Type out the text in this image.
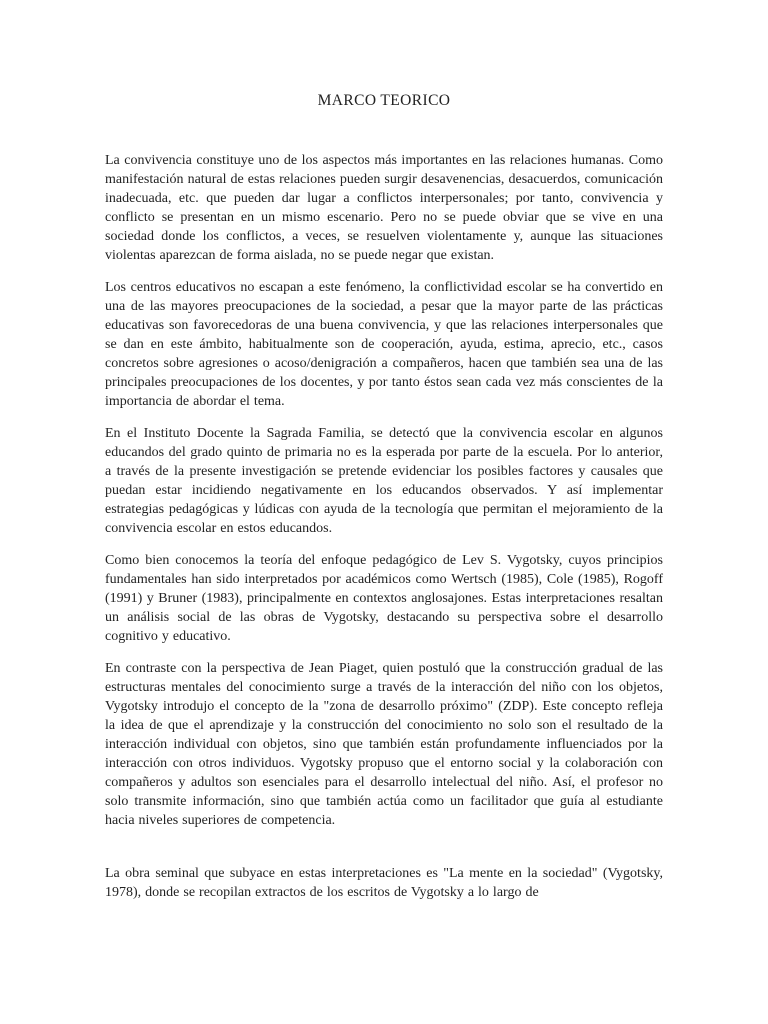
MARCO TEORICO

La convivencia constituye uno de los aspectos más importantes en las relaciones humanas. Como manifestación natural de estas relaciones pueden surgir desavenencias, desacuerdos, comunicación inadecuada, etc. que pueden dar lugar a conflictos interpersonales; por tanto, convivencia y conflicto se presentan en un mismo escenario. Pero no se puede obviar que se vive en una sociedad donde los conflictos, a veces, se resuelven violentamente y, aunque las situaciones violentas aparezcan de forma aislada, no se puede negar que existan.

Los centros educativos no escapan a este fenómeno, la conflictividad escolar se ha convertido en una de las mayores preocupaciones de la sociedad, a pesar que la mayor parte de las prácticas educativas son favorecedoras de una buena convivencia, y que las relaciones interpersonales que se dan en este ámbito, habitualmente son de cooperación, ayuda, estima, aprecio, etc., casos concretos sobre agresiones o acoso/denigración a compañeros, hacen que también sea una de las principales preocupaciones de los docentes, y por tanto éstos sean cada vez más conscientes de la importancia de abordar el tema.

En el Instituto Docente la Sagrada Familia, se detectó que la convivencia escolar en algunos educandos del grado quinto de primaria no es la esperada por parte de la escuela. Por lo anterior, a través de la presente investigación se pretende evidenciar los posibles factores y causales que puedan estar incidiendo negativamente en los educandos observados. Y así implementar estrategias pedagógicas y lúdicas con ayuda de la tecnología que permitan el mejoramiento de la convivencia escolar en estos educandos.

Como bien conocemos la teoría del enfoque pedagógico de Lev S. Vygotsky, cuyos principios fundamentales han sido interpretados por académicos como Wertsch (1985), Cole (1985), Rogoff (1991) y Bruner (1983), principalmente en contextos anglosajones. Estas interpretaciones resaltan un análisis social de las obras de Vygotsky, destacando su perspectiva sobre el desarrollo cognitivo y educativo.

En contraste con la perspectiva de Jean Piaget, quien postuló que la construcción gradual de las estructuras mentales del conocimiento surge a través de la interacción del niño con los objetos, Vygotsky introdujo el concepto de la "zona de desarrollo próximo" (ZDP). Este concepto refleja la idea de que el aprendizaje y la construcción del conocimiento no solo son el resultado de la interacción individual con objetos, sino que también están profundamente influenciados por la interacción con otros individuos. Vygotsky propuso que el entorno social y la colaboración con compañeros y adultos son esenciales para el desarrollo intelectual del niño. Así, el profesor no solo transmite información, sino que también actúa como un facilitador que guía al estudiante hacia niveles superiores de competencia.

La obra seminal que subyace en estas interpretaciones es "La mente en la sociedad" (Vygotsky, 1978), donde se recopilan extractos de los escritos de Vygotsky a lo largo de
